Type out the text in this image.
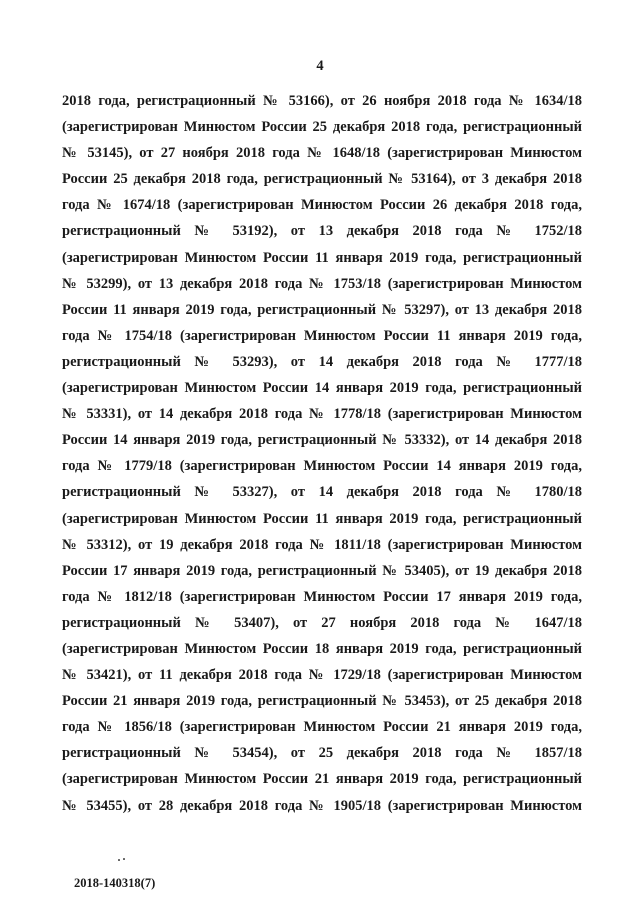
4
2018 года, регистрационный № 53166), от 26 ноября 2018 года № 1634/18
(зарегистрирован Минюстом России 25 декабря 2018 года, регистрационный
№ 53145), от 27 ноября 2018 года № 1648/18 (зарегистрирован Минюстом
России 25 декабря 2018 года, регистрационный № 53164), от 3 декабря 2018
года № 1674/18 (зарегистрирован Минюстом России 26 декабря 2018 года,
регистрационный № 53192), от 13 декабря 2018 года № 1752/18
(зарегистрирован Минюстом России 11 января 2019 года, регистрационный
№ 53299), от 13 декабря 2018 года № 1753/18 (зарегистрирован Минюстом
России 11 января 2019 года, регистрационный № 53297), от 13 декабря 2018
года № 1754/18 (зарегистрирован Минюстом России 11 января 2019 года,
регистрационный № 53293), от 14 декабря 2018 года № 1777/18
(зарегистрирован Минюстом России 14 января 2019 года, регистрационный
№ 53331), от 14 декабря 2018 года № 1778/18 (зарегистрирован Минюстом
России 14 января 2019 года, регистрационный № 53332), от 14 декабря 2018
года № 1779/18 (зарегистрирован Минюстом России 14 января 2019 года,
регистрационный № 53327), от 14 декабря 2018 года № 1780/18
(зарегистрирован Минюстом России 11 января 2019 года, регистрационный
№ 53312), от 19 декабря 2018 года № 1811/18 (зарегистрирован Минюстом
России 17 января 2019 года, регистрационный № 53405), от 19 декабря 2018
года № 1812/18 (зарегистрирован Минюстом России 17 января 2019 года,
регистрационный № 53407), от 27 ноября 2018 года № 1647/18
(зарегистрирован Минюстом России 18 января 2019 года, регистрационный
№ 53421), от 11 декабря 2018 года № 1729/18 (зарегистрирован Минюстом
России 21 января 2019 года, регистрационный № 53453), от 25 декабря 2018
года № 1856/18 (зарегистрирован Минюстом России 21 января 2019 года,
регистрационный № 53454), от 25 декабря 2018 года № 1857/18
(зарегистрирован Минюстом России 21 января 2019 года, регистрационный
№ 53455), от 28 декабря 2018 года № 1905/18 (зарегистрирован Минюстом
2018-140318(7)
